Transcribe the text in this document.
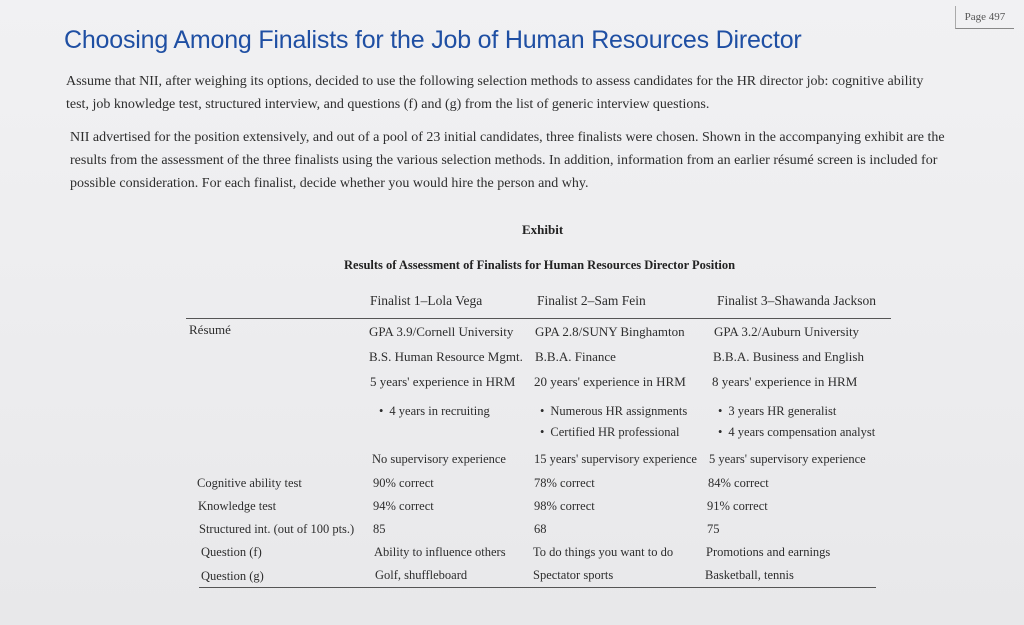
Page 497
Choosing Among Finalists for the Job of Human Resources Director

Assume that NII, after weighing its options, decided to use the following selection methods to assess candidates for the HR director job: cognitive ability
test, job knowledge test, structured interview, and questions (f) and (g) from the list of generic interview questions.

NII advertised for the position extensively, and out of a pool of 23 initial candidates, three finalists were chosen. Shown in the accompanying exhibit are the
results from the assessment of the three finalists using the various selection methods. In addition, information from an earlier résumé screen is included for
possible consideration. For each finalist, decide whether you would hire the person and why.

Exhibit
Results of Assessment of Finalists for Human Resources Director Position
Finalist 1–Lola Vega	Finalist 2–Sam Fein	Finalist 3–Shawanda Jackson
Résumé	GPA 3.9/Cornell University GPA 2.8/SUNY Binghamton GPA 3.2/Auburn University
B.S. Human Resource Mgmt. B.B.A. Finance	B.B.A. Business and English
5 years' experience in HRM 20 years' experience in HRM 8 years' experience in HRM
• 4 years in recruiting
•	Numerous HR assignments
• Certified HR professional
• 3 years HR generalist
• 4 years compensation analyst
No supervisory experience 15 years' supervisory experience 5 years' supervisory experience
Cognitive ability test	90% correct	78% correct	84% correct
Knowledge test	94% correct	98% correct	91% correct
Structured int. (out of 100 pts.) 85	68	75
Question (f)	Ability to influence others To do things you want to do	Promotions and earnings
Question (g)	Golf, shuffleboard	Spectator sports	Basketball, tennis
